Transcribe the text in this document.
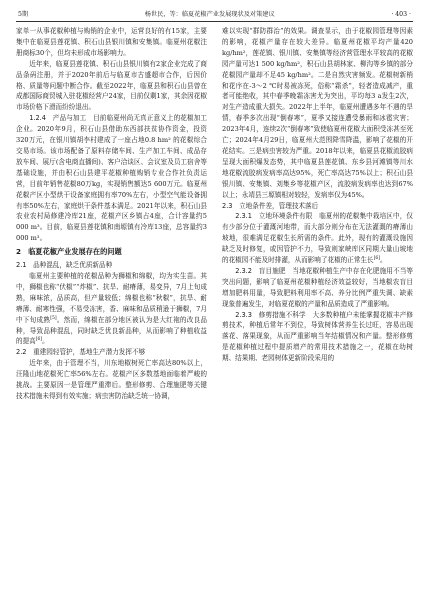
5期	杨世民，等：临夏花椒产业发展现状及对策建议	· 403 ·

家单一从事花椒种植与购销的企业中，运营良好的有15家，主要集中在临夏县莲花镇、积石山县银川镇和安集镇。临夏州花椒注册商标30个，但均未形成市场影响力。

近年来，临夏县莲花镇、积石山县银川镇有2家企业完成了商品条码注册，并于2020年前后与临夏市古盛超市合作，后因价格、质量等问题中断合作。截至2022年，临夏县和积石山县曾在成都国际商贸城入驻花椒经营户24家，目前仅剩1家，其余因花椒市场价格下滑而纷纷退出。

1.2.4　产品与加工　 目前临夏州尚无真正意义上的花椒加工企业。2020年9月，积石山县借助东西部扶贫协作资金，投资320万元，在银川镇胡李村建成了一座占地0.8 hm² 的花椒综合交易市场。该市场配备了原料存储车间、生产加工车间、成品存放车间、展厅(含电商直播间)、客户洽谈区、会议室及员工宿舍等基础设施，并由积石山县建平花椒种植购销专业合作社负责运营，目前年销售花椒80万kg，实现销售额达5 600万元。临夏州花椒产区小型烘干设备家庭拥有率70%左右，小型空气能设备拥有率50%左右，家庭烘干条件基本满足。2021年以来，积石山县农业农村局修建冷库21座，花椒产区乡镇占4座，合计容量约5 000 m³。目前，临夏县莲花镇和南塬镇有冷库13座，总容量约3 000 m³。

2　临夏花椒产业发展存在的问题
2.1　品种混乱，缺乏优质新品种

临夏州主要种植的花椒品种为狮椒和绵椒，均为实生苗。其中，狮椒也称“伏椒”“炸椒”、抗旱、耐瘠薄，易变异，7月上旬成熟，麻味浓，品质高，但产量较低；绵椒也称“秋椒”，抗旱、耐瘠薄、耐寒性强，不易受冻害，香、麻味和品质稍逊于狮椒，7月中下旬成熟[5]。然而，绵椒在部分地区被认为是大红袍的改良品种，导致品种混乱，同时缺乏优良新品种，从而影响了种植收益的提高[6]。

2.2　重建园轻管护，基地生产潜力发挥不够

近年来，由于管理不当，川东地椒树死亡率高达80%以上，汪隆山地花椒死亡率56%左右。花椒产区多数基地面临着严峻的挑战。主要原因一是管理严重滞后。整形修剪、合理施肥等关键技术措施未得到有效实施；病虫害防治缺乏统一协调，

难以实现“群防群治”的效果。调查显示，由于花椒园管理等因素的影响，花椒产量存在较大差异。临夏州花椒平均产量420 kg/hm²，莲花镇、银川镇、安集镇等经济营管理水平较高的花椒园产量可达1 500 kg/hm²，积石山县胡林家、柳沟等乡镇的部分花椒园产量却不足45 kg/hm²。二是自然灾害频发。花椒树新梢和花序在-3～2 ℃时易被冻死，俗称“霜杀”，轻者造成减产，重者可能绝收，其中春季晚霜冻害尤为突出，平均每3 a发生2次，对生产造成重大损失。2022年上半年，临夏州遭遇多年不遇的旱情，春季多次出现“倒春寒”，夏季又接连遭受暴雨和冰雹灾害；2023年4月，连续2次“倒春寒”致使临夏州花椒大面积受冻甚至死亡；2024年4月29日，临夏州大范围降雪降温，影响了花椒的开花结实。三是病虫害较为严重。2018年以来，临夏县花椒流胶病呈现大面积爆发态势，其中临夏县莲花镇、东乡县河滩镇等川水地花椒流胶病发病率高达95%，死亡率高达75%以上；积石山县银川镇、安集镇、刘集乡等花椒产区，流胶病发病率也达到67%以上；永靖县三塬镇相对较轻，发病率仅为45%。

2.3　立地条件差，管理技术落后

2.3.1　立地环境条件有限　 临夏州的花椒集中栽培区中，仅有少部分位于灌溉河地带，而大部分则分布在无法灌溉的瘠薄山坡地，很难满足花椒生长所需的条件。此外，现有的灌溉设施因缺乏及时修复，或因管护不力，导致则家峡库区同期大量山坡地的花椒园不能及时排灌，从而影响了花椒的正常生长[6]。

2.3.2　盲目施肥　 当地花椒种植生产中存在化肥施用不当等突出问题，影响了临夏州花椒种植经济效益较好，当地椒农盲目增加肥料用量，导致肥料利用率不高、养分比例严重失调、缺素现象普遍发生，对临夏花椒的产量和品质造成了严重影响。

2.3.3　修剪措施不科学　 大多数种植户未能掌握花椒丰产修剪技术，种植后常年不到位，导致树体营养生长过旺，容易出现落花、落果现象，从而严重影响当年结椒情况和产量。整形修剪是花椒种植过程中提质增产的常用技术措施之一，花椒在幼树期、结果期、老园树体更新阶段采用的
